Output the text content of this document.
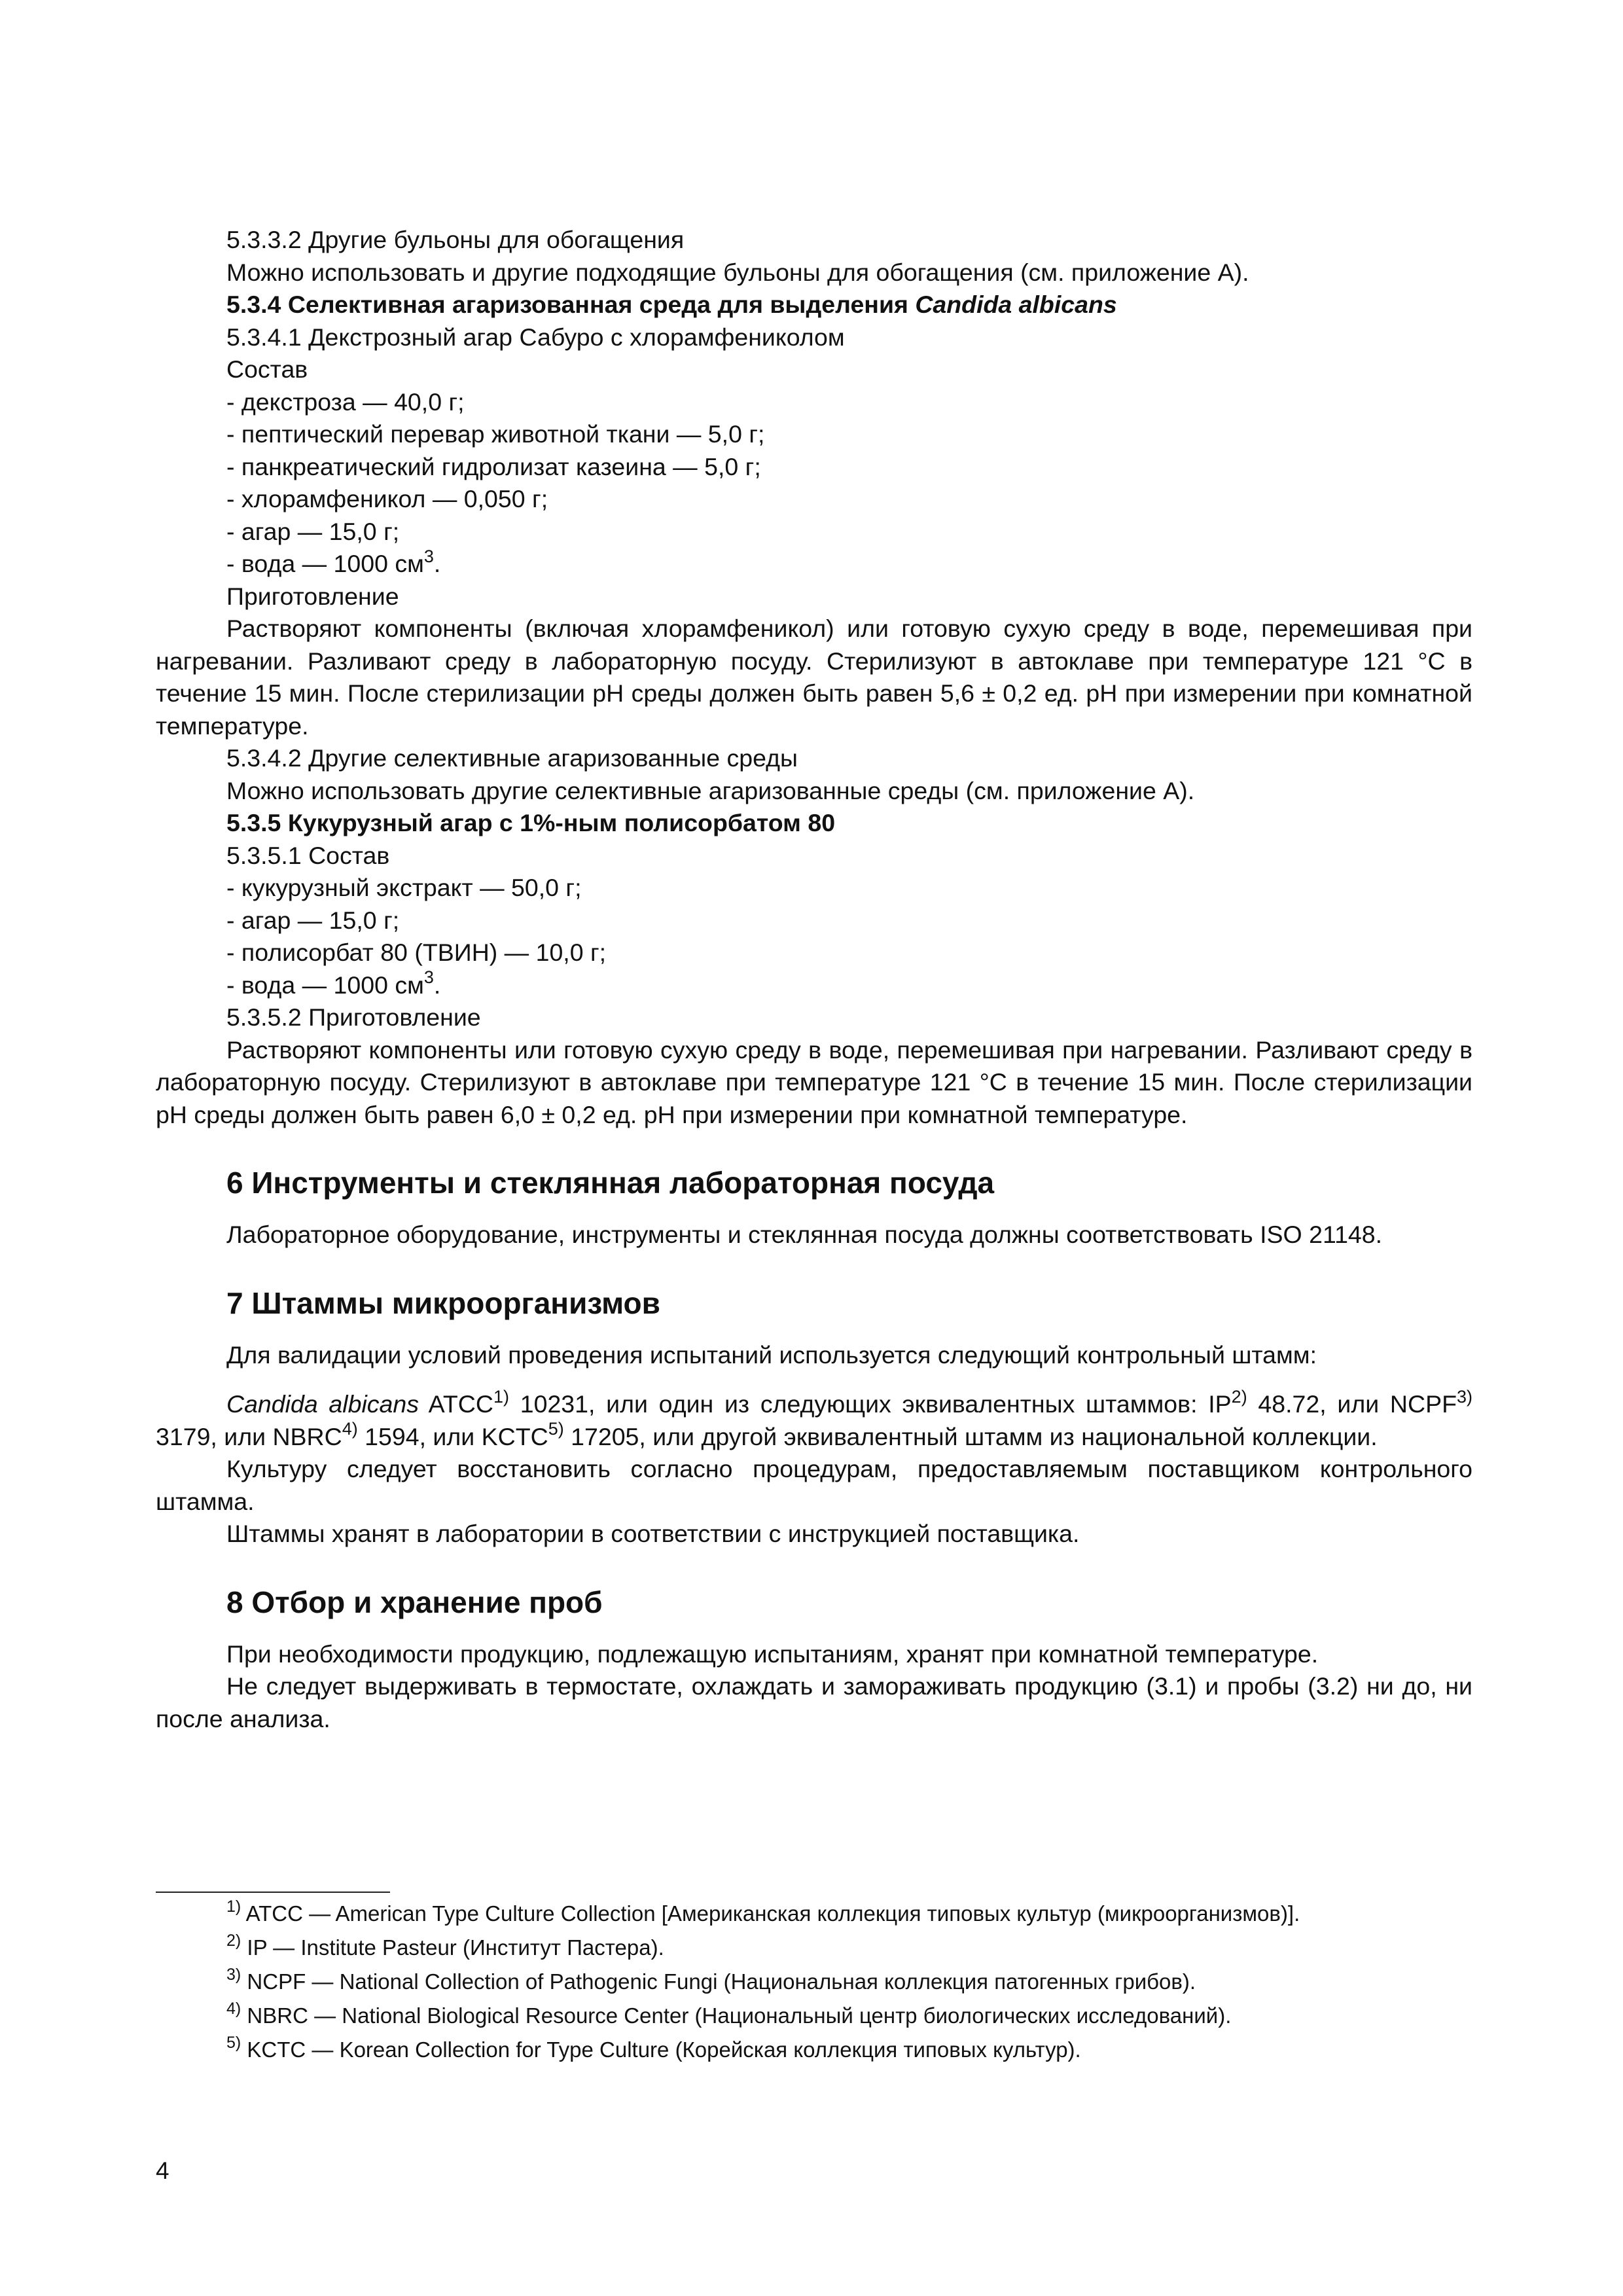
5.3.3.2 Другие бульоны для обогащения

Можно использовать и другие подходящие бульоны для обогащения (см. приложение А).

5.3.4 Селективная агаризованная среда для выделения Candida albicans

5.3.4.1 Декстрозный агар Сабуро с хлорамфениколом

Состав

- декстроза — 40,0 г;

- пептический перевар животной ткани — 5,0 г;

- панкреатический гидролизат казеина — 5,0 г;

- хлорамфеникол — 0,050 г;

- агар — 15,0 г;

- вода — 1000 $см^3$.

Приготовление

Растворяют компоненты (включая хлорамфеникол) или готовую сухую среду в воде, перемешивая при нагревании. Разливают среду в лабораторную посуду. Стерилизуют в автоклаве при температуре 121 °С в течение 15 мин. После стерилизации рН среды должен быть равен 5,6 ± 0,2 ед. рН при измерении при комнатной температуре.

5.3.4.2 Другие селективные агаризованные среды

Можно использовать другие селективные агаризованные среды (см. приложение А).

5.3.5 Кукурузный агар с 1%-ным полисорбатом 80

5.3.5.1 Состав

- кукурузный экстракт — 50,0 г;

- агар — 15,0 г;

- полисорбат 80 (ТВИН) — 10,0 г;

- вода — 1000 $см^3$.

5.3.5.2 Приготовление

Растворяют компоненты или готовую сухую среду в воде, перемешивая при нагревании. Разливают среду в лабораторную посуду. Стерилизуют в автоклаве при температуре 121 °С в течение 15 мин. После стерилизации рН среды должен быть равен 6,0 ± 0,2 ед. рН при измерении при комнатной температуре.

6 Инструменты и стеклянная лабораторная посуда

Лабораторное оборудование, инструменты и стеклянная посуда должны соответствовать ISO 21148.

7 Штаммы микроорганизмов

Для валидации условий проведения испытаний используется следующий контрольный штамм:

Candida albicans ATCC$^{1)}$ 10231, или один из следующих эквивалентных штаммов: IP$^{2)}$ 48.72, или NCPF$^{3)}$ 3179, или NBRC$^{4)}$ 1594, или KCTC$^{5)}$ 17205, или другой эквивалентный штамм из национальной коллекции.

Культуру следует восстановить согласно процедурам, предоставляемым поставщиком контрольного штамма.

Штаммы хранят в лаборатории в соответствии с инструкцией поставщика.

8 Отбор и хранение проб

При необходимости продукцию, подлежащую испытаниям, хранят при комнатной температуре.

Не следует выдерживать в термостате, охлаждать и замораживать продукцию (3.1) и пробы (3.2) ни до, ни после анализа.

$^{1)}$ ATCC — American Type Culture Collection [Американская коллекция типовых культур (микроорганизмов)].

$^{2)}$ IP — Institute Pasteur (Институт Пастера).

$^{3)}$ NCPF — National Collection of Pathogenic Fungi (Национальная коллекция патогенных грибов).

$^{4)}$ NBRC — National Biological Resource Center (Национальный центр биологических исследований).

$^{5)}$ KCTC — Korean Collection for Type Culture (Корейская коллекция типовых культур).

4
